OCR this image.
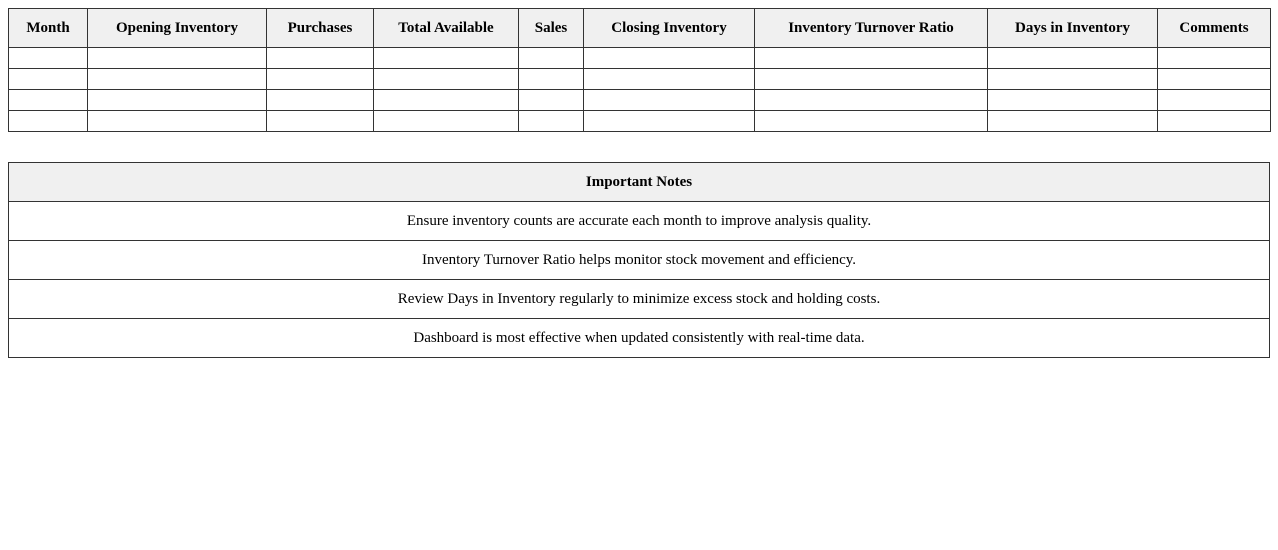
Month	Opening Inventory	Purchases	Total Available	Sales	Closing Inventory	Inventory Turnover Ratio	Days in Inventory	Comments

Important Notes
Ensure inventory counts are accurate each month to improve analysis quality.
Inventory Turnover Ratio helps monitor stock movement and efficiency.
Review Days in Inventory regularly to minimize excess stock and holding costs.
Dashboard is most effective when updated consistently with real-time data.
